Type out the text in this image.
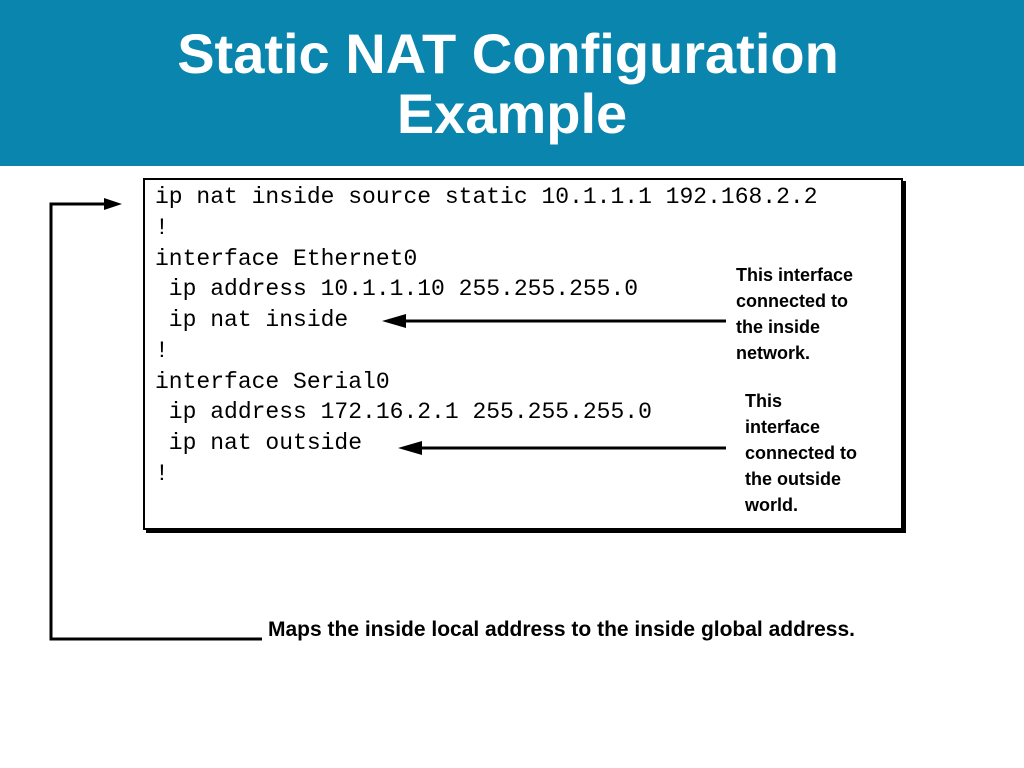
Static NAT Configuration
Example
ip nat inside source static 10.1.1.1 192.168.2.2
!
interface Ethernet0
ip address 10.1.1.10 255.255.255.0
ip nat inside
!
interface Serial0
ip address 172.16.2.1 255.255.255.0
ip nat outside
!
This interface
connected to
the inside
network.
This
interface
connected to
the outside
world.
Maps the inside local address to the inside global address.
